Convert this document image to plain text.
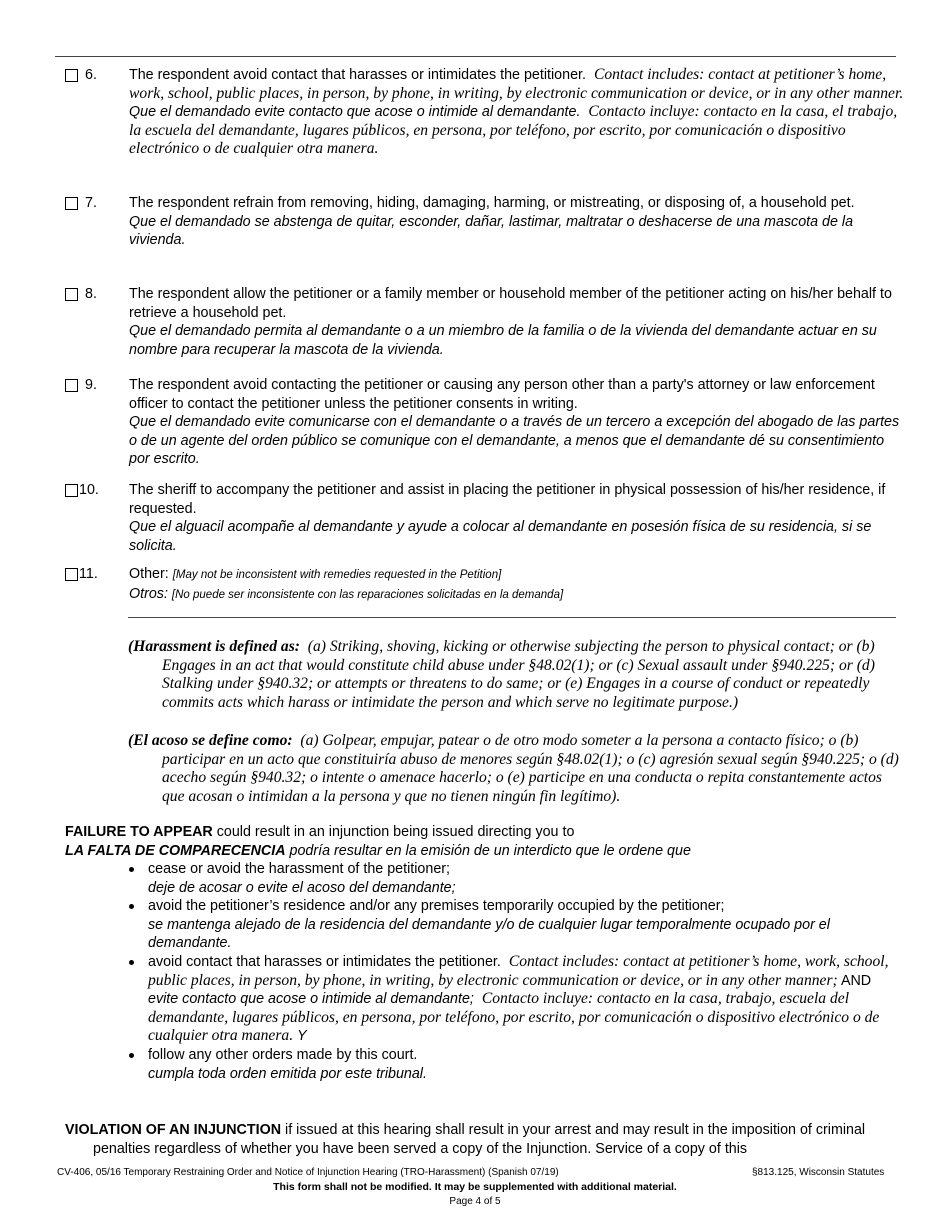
6.	The respondent avoid contact that harasses or intimidates the petitioner. Contact includes: contact at petitioner’s home, work, school, public places, in person, by phone, in writing, by electronic communication or device, or in any other manner.
Que el demandado evite contacto que acose o intimide al demandante. Contacto incluye: contacto en la casa, el trabajo, la escuela del demandante, lugares públicos, en persona, por teléfono, por escrito, por comunicación o dispositivo electrónico o de cualquier otra manera.
7.	The respondent refrain from removing, hiding, damaging, harming, or mistreating, or disposing of, a household pet.
Que el demandado se abstenga de quitar, esconder, dañar, lastimar, maltratar o deshacerse de una mascota de la vivienda.
8.	The respondent allow the petitioner or a family member or household member of the petitioner acting on his/her behalf to retrieve a household pet.
Que el demandado permita al demandante o a un miembro de la familia o de la vivienda del demandante actuar en su nombre para recuperar la mascota de la vivienda.
9.	The respondent avoid contacting the petitioner or causing any person other than a party's attorney or law enforcement officer to contact the petitioner unless the petitioner consents in writing.
Que el demandado evite comunicarse con el demandante o a través de un tercero a excepción del abogado de las partes o de un agente del orden público se comunique con el demandante, a menos que el demandante dé su consentimiento por escrito.
10.	The sheriff to accompany the petitioner and assist in placing the petitioner in physical possession of his/her residence, if requested.
Que el alguacil acompañe al demandante y ayude a colocar al demandante en posesión física de su residencia, si se solicita.
11.	Other: [May not be inconsistent with remedies requested in the Petition]
Otros: [No puede ser inconsistente con las reparaciones solicitadas en la demanda]
(Harassment is defined as: (a) Striking, shoving, kicking or otherwise subjecting the person to physical contact; or (b) Engages in an act that would constitute child abuse under §48.02(1); or (c) Sexual assault under §940.225; or (d) Stalking under §940.32; or attempts or threatens to do same; or (e) Engages in a course of conduct or repeatedly commits acts which harass or intimidate the person and which serve no legitimate purpose.)
(El acoso se define como: (a) Golpear, empujar, patear o de otro modo someter a la persona a contacto físico; o (b) participar en un acto que constituiría abuso de menores según §48.02(1); o (c) agresión sexual según §940.225; o (d) acecho según §940.32; o intente o amenace hacerlo; o (e) participe en una conducta o repita constantemente actos que acosan o intimidan a la persona y que no tienen ningún fin legítimo).
FAILURE TO APPEAR could result in an injunction being issued directing you to
LA FALTA DE COMPARECENCIA podría resultar en la emisión de un interdicto que le ordene que
cease or avoid the harassment of the petitioner;
deje de acosar o evite el acoso del demandante;
avoid the petitioner’s residence and/or any premises temporarily occupied by the petitioner;
se mantenga alejado de la residencia del demandante y/o de cualquier lugar temporalmente ocupado por el demandante.
avoid contact that harasses or intimidates the petitioner. Contact includes: contact at petitioner’s home, work, school, public places, in person, by phone, in writing, by electronic communication or device, or in any other manner; AND
evite contacto que acose o intimide al demandante; Contacto incluye: contacto en la casa, trabajo, escuela del demandante, lugares públicos, en persona, por teléfono, por escrito, por comunicación o dispositivo electrónico o de cualquier otra manera. Y
follow any other orders made by this court.
cumpla toda orden emitida por este tribunal.
VIOLATION OF AN INJUNCTION if issued at this hearing shall result in your arrest and may result in the imposition of criminal penalties regardless of whether you have been served a copy of the Injunction. Service of a copy of this
CV-406, 05/16 Temporary Restraining Order and Notice of Injunction Hearing (TRO-Harassment) (Spanish 07/19)	§813.125, Wisconsin Statutes
This form shall not be modified. It may be supplemented with additional material.
Page 4 of 5
